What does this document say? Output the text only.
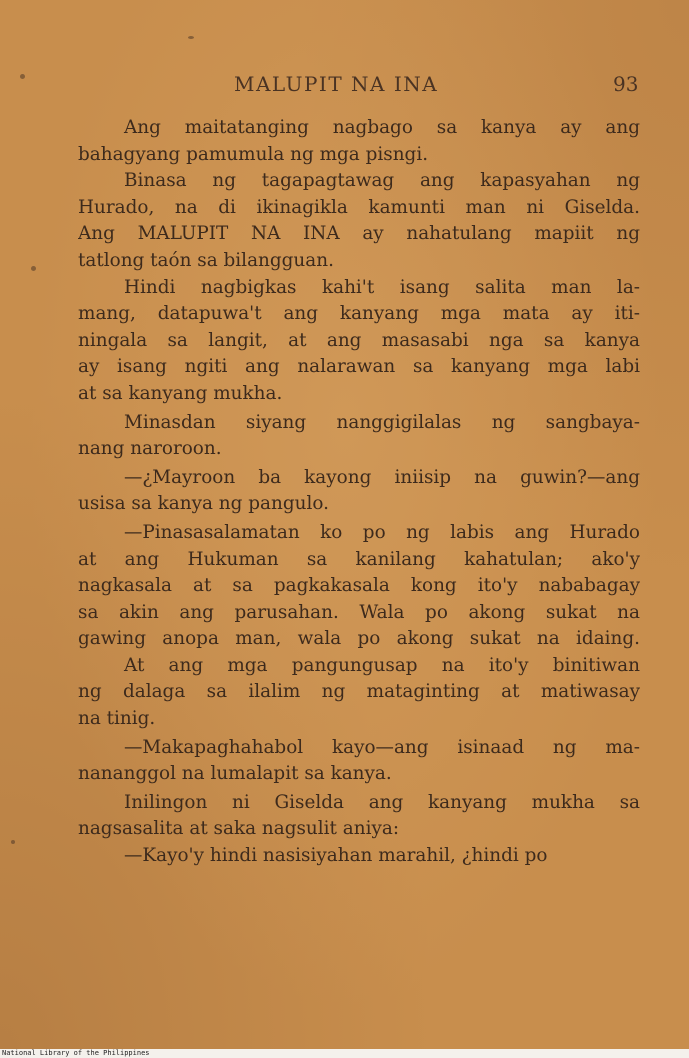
MALUPIT NA INA	93
Ang maitatanging nagbago sa kanya ay ang
bahagyang pamumula ng mga pisngi.
Binasa ng tagapagtawag ang kapasyahan ng
Hurado, na di ikinagikla kamunti man ni Giselda.
Ang MALUPIT NA INA ay nahatulang mapiit ng
tatlong taón sa bilangguan.
Hindi nagbigkas kahi't isang salita man la-
mang, datapuwa't ang kanyang mga mata ay iti-
ningala sa langit, at ang masasabi nga sa kanya
ay isang ngiti ang nalarawan sa kanyang mga labi
at sa kanyang mukha.
Minasdan siyang nanggigilalas ng sangbaya-
nang naroroon.
—¿Mayroon ba kayong iniisip na guwin?—ang
usisa sa kanya ng pangulo.
—Pinasasalamatan ko po ng labis ang Hurado
at ang Hukuman sa kanilang kahatulan; ako'y
nagkasala at sa pagkakasala kong ito'y nababagay
sa akin ang parusahan. Wala po akong sukat na
gawing anopa man, wala po akong sukat na idaing.
At ang mga pangungusap na ito'y binitiwan
ng dalaga sa ilalim ng mataginting at matiwasay
na tinig.
—Makapaghahabol kayo—ang isinaad ng ma-
nananggol na lumalapit sa kanya.
Inilingon ni Giselda ang kanyang mukha sa
nagsasalita at saka nagsulit aniya:
—Kayo'y hindi nasisiyahan marahil, ¿hindi po
National Library of the Philippines
